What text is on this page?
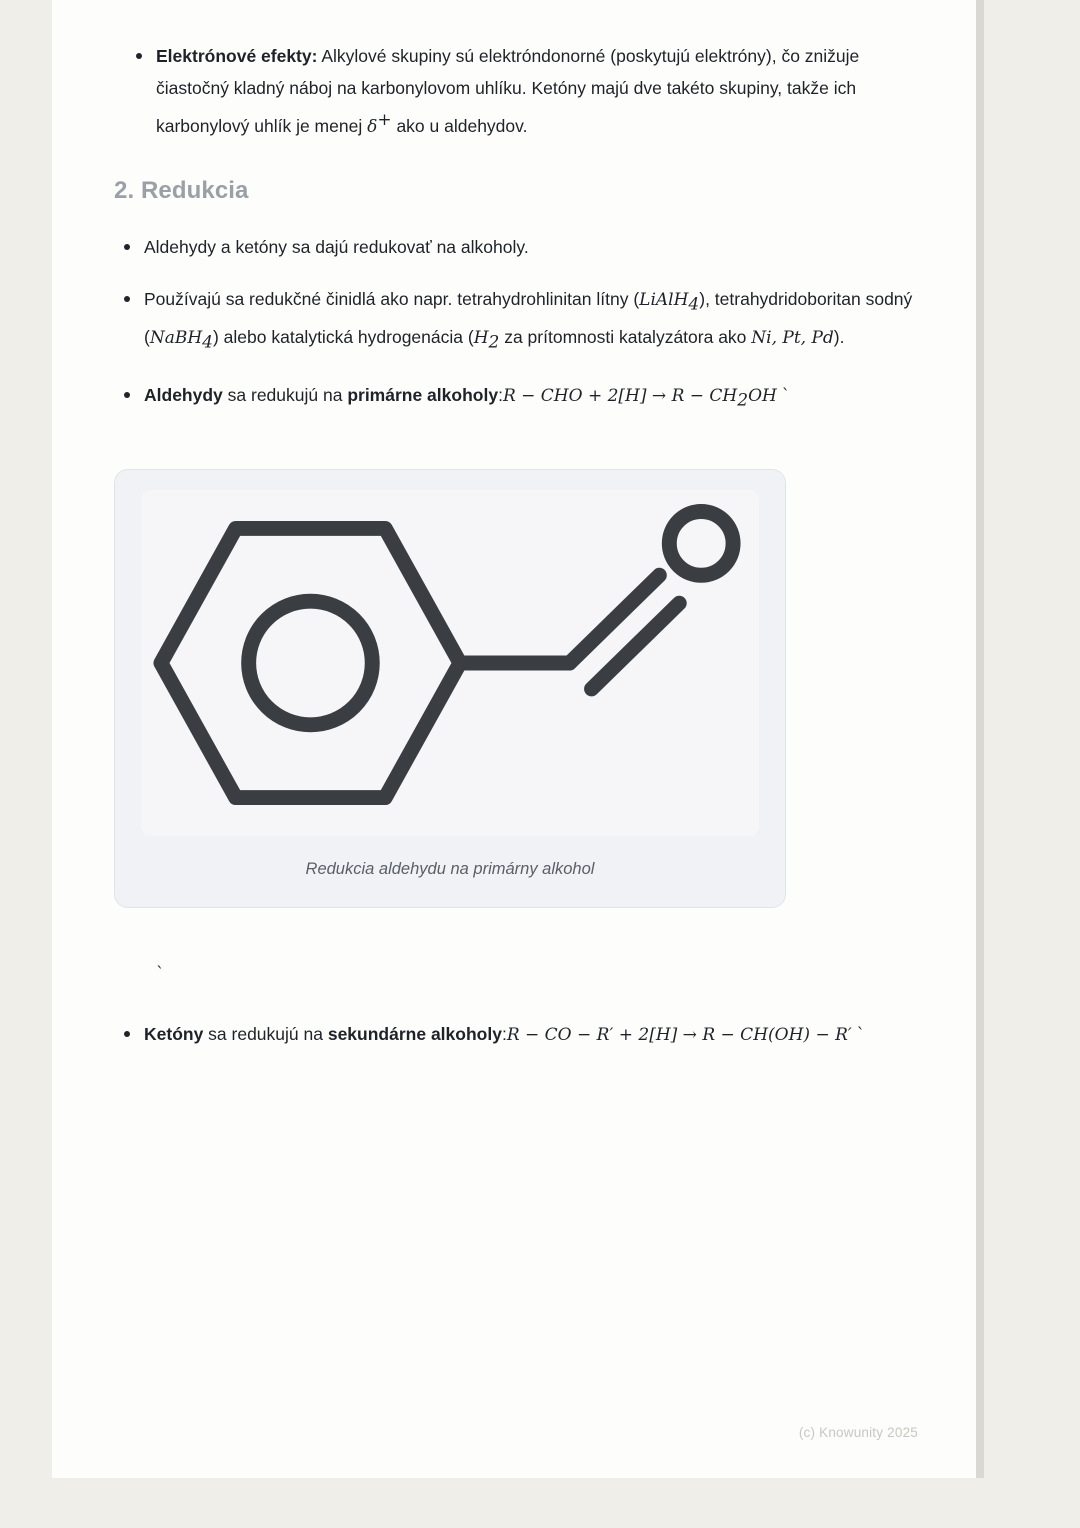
Elektrónové efekty: Alkylové skupiny sú elektróndonorné (poskytujú elektróny), čo znižuje čiastočný kladný náboj na karbonylovom uhlíku. Ketóny majú dve takéto skupiny, takže ich karbonylový uhlík je menej δ+ ako u aldehydov.
2. Redukcia
Aldehydy a ketóny sa dajú redukovať na alkoholy.
Používajú sa redukčné činidlá ako napr. tetrahydrohlinitan lítny (LiAlH$_4$), tetrahydridoboritan sodný (NaBH$_4$) alebo katalytická hydrogenácia ($H_2$ za prítomnosti katalyzátora ako Ni, Pt, Pd).
Aldehydy sa redukujú na primárne alkoholy:R − CHO + $2[H] \to R - CH_2OH$ `
Redukcia aldehydu na primárny alkohol
`
Ketóny sa redukujú na sekundárne alkoholy:R − CO − R′ + 2[H] → R − CH(OH) − R′ `
(c) Knowunity 2025
